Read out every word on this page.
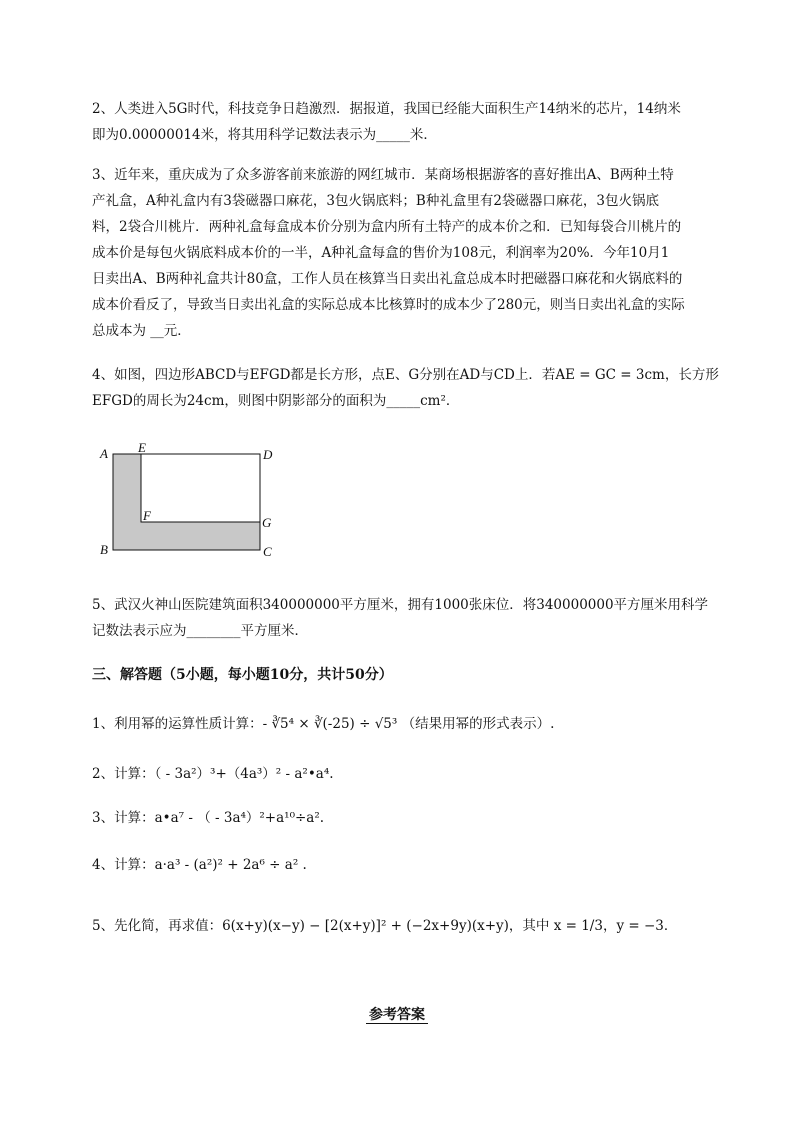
2、人类进入5G时代，科技竞争日趋激烈．据报道，我国已经能大面积生产14纳米的芯片，14纳米

即为0.00000014米，将其用科学记数法表示为_____米．

3、近年来，重庆成为了众多游客前来旅游的网红城市．某商场根据游客的喜好推出A、B两种土特

产礼盒，A种礼盒内有3袋磁器口麻花，3包火锅底料；B种礼盒里有2袋磁器口麻花，3包火锅底

料，2袋合川桃片．两种礼盒每盒成本价分别为盒内所有土特产的成本价之和．已知每袋合川桃片的

成本价是每包火锅底料成本价的一半，A种礼盒每盒的售价为108元，利润率为20%．今年10月1

日卖出A、B两种礼盒共计80盒，工作人员在核算当日卖出礼盒总成本时把磁器口麻花和火锅底料的

成本价看反了，导致当日卖出礼盒的实际总成本比核算时的成本少了280元，则当日卖出礼盒的实际

总成本为 __元．

4、如图，四边形ABCD与EFGD都是长方形，点E、G分别在AD与CD上．若AE = GC = 3cm，长方形

EFGD的周长为24cm，则图中阴影部分的面积为_____cm²．

A E	D
F	G
B	C

5、武汉火神山医院建筑面积340000000平方厘米，拥有1000张床位．将340000000平方厘米用科学

记数法表示应为________平方厘米．

三、解答题（5小题，每小题10分，共计50分）
1、利用幂的运算性质计算：- ∛5⁴ × ∛(-25) ÷ √5³ （结果用幂的形式表示）.
2、计算：（ - 3a²）³+（4a³）² - a²•a⁴.
3、计算：a•a⁷ - （ - 3a⁴）²+a¹⁰÷a².
4、计算：a·a³ - (a²)² + 2a⁶ ÷ a² .
5、先化简，再求值：6(x+y)(x−y) − [2(x+y)]² + (−2x+9y)(x+y)，其中 x = 1/3，y = −3．
参考答案
